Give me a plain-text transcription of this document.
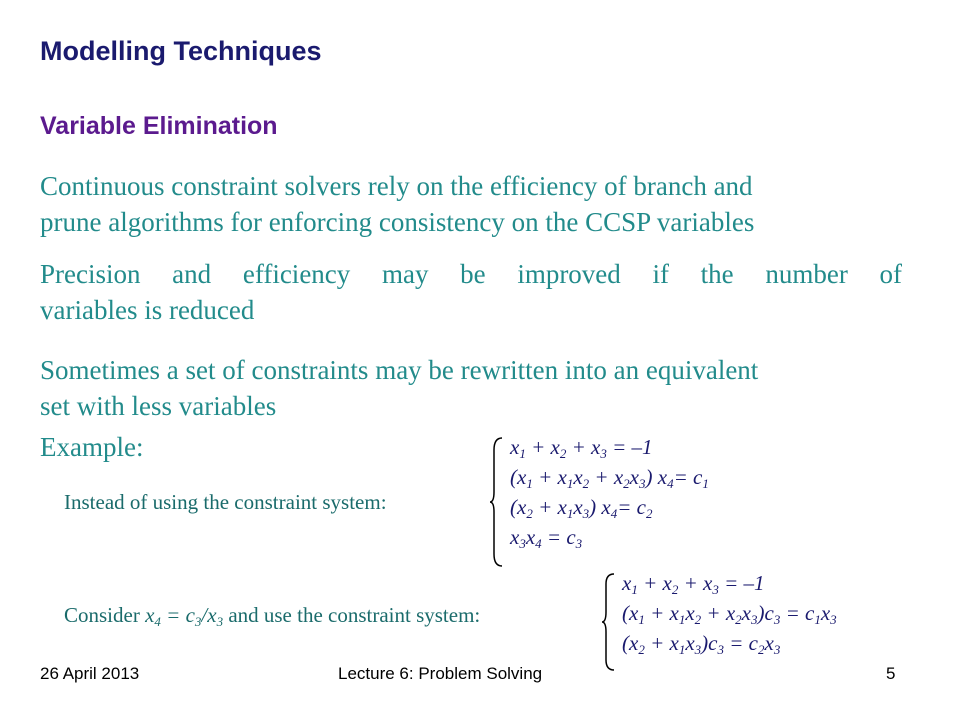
Modelling Techniques
Variable Elimination
Continuous constraint solvers rely on the efficiency of branch and
prune algorithms for enforcing consistency on the CCSP variables
Precision and efficiency may be improved if the number of
variables is reduced
Sometimes a set of constraints may be rewritten into an equivalent
set with less variables
Example:
Instead of using the constraint system:
$x_1 + x_2 + x_3 = -1$
$(x_1 + x_1x_2 + x_2x_3)$ $x_4= c_1$
$(x_2 + x_1x_3)$ $x_4= c_2$
$x_3x_4 = c_3$
Consider $x_4 = c_3/x_3$ and use the constraint system:
$x_1 + x_2 + x_3 = -1$
$(x_1 + x_1x_2 + x_2x_3)c_3 = c_1x_3$
$(x_2 + x_1x_3)c_3 = c_2x_3$
26 April 2013	Lecture 6: Problem Solving	5
